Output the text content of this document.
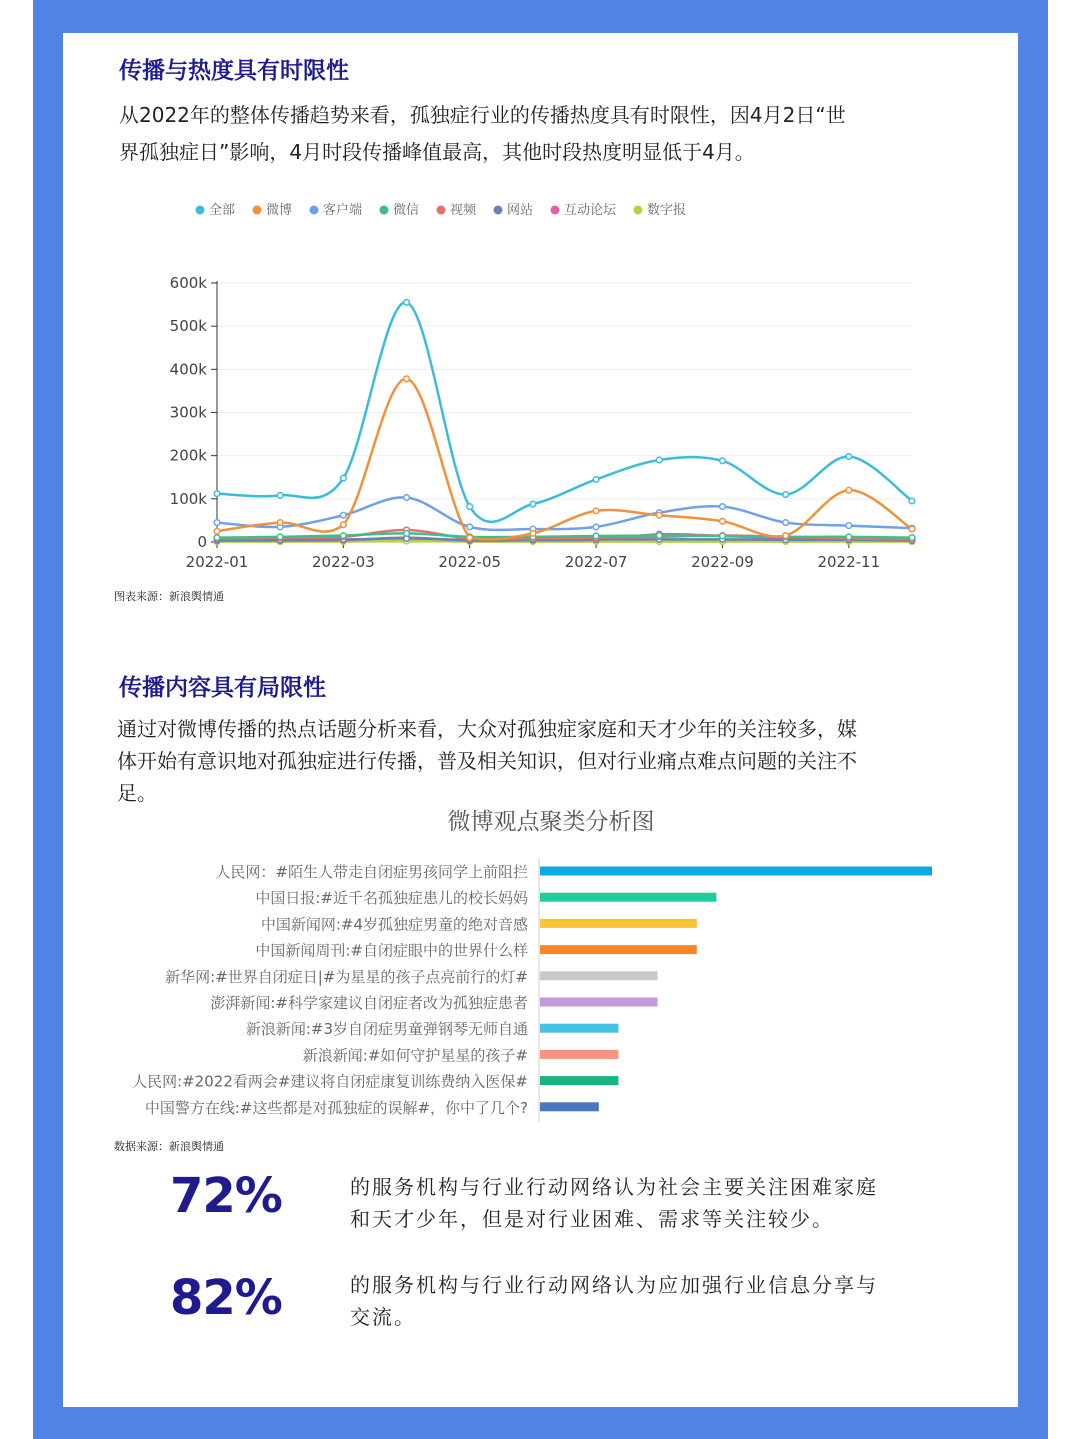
传播与热度具有时限性
从2022年的整体传播趋势来看，孤独症行业的传播热度具有时限性，因4月2日“世
界孤独症日”影响，4月时段传播峰值最高，其他时段热度明显低于4月。
全部 微博 客户端 微信 视频 网站 互动论坛 数字报
0
100k
200k
300k
400k
500k
600k
2022-01	2022-03	2022-05	2022-07	2022-09	2022-11
图表来源：新浪舆情通
传播内容具有局限性
通过对微博传播的热点话题分析来看，大众对孤独症家庭和天才少年的关注较多，媒
体开始有意识地对孤独症进行传播，普及相关知识，但对行业痛点难点问题的关注不
足。
微博观点聚类分析图
人民网：#陌生人带走自闭症男孩同学上前阻拦
中国日报:#近千名孤独症患儿的校长妈妈
中国新闻网:#4岁孤独症男童的绝对音感
中国新闻周刊:#自闭症眼中的世界什么样
新华网:#世界自闭症日|#为星星的孩子点亮前行的灯#
澎湃新闻:#科学家建议自闭症者改为孤独症患者
新浪新闻:#3岁自闭症男童弹钢琴无师自通
新浪新闻:#如何守护星星的孩子#
人民网:#2022看两会#建议将自闭症康复训练费纳入医保#
中国警方在线:#这些都是对孤独症的误解#，你中了几个?
数据来源：新浪舆情通
72%	的服务机构与行业行动网络认为社会主要关注困难家庭
和天才少年，但是对行业困难、需求等关注较少。
82%	的服务机构与行业行动网络认为应加强行业信息分享与
交流。
